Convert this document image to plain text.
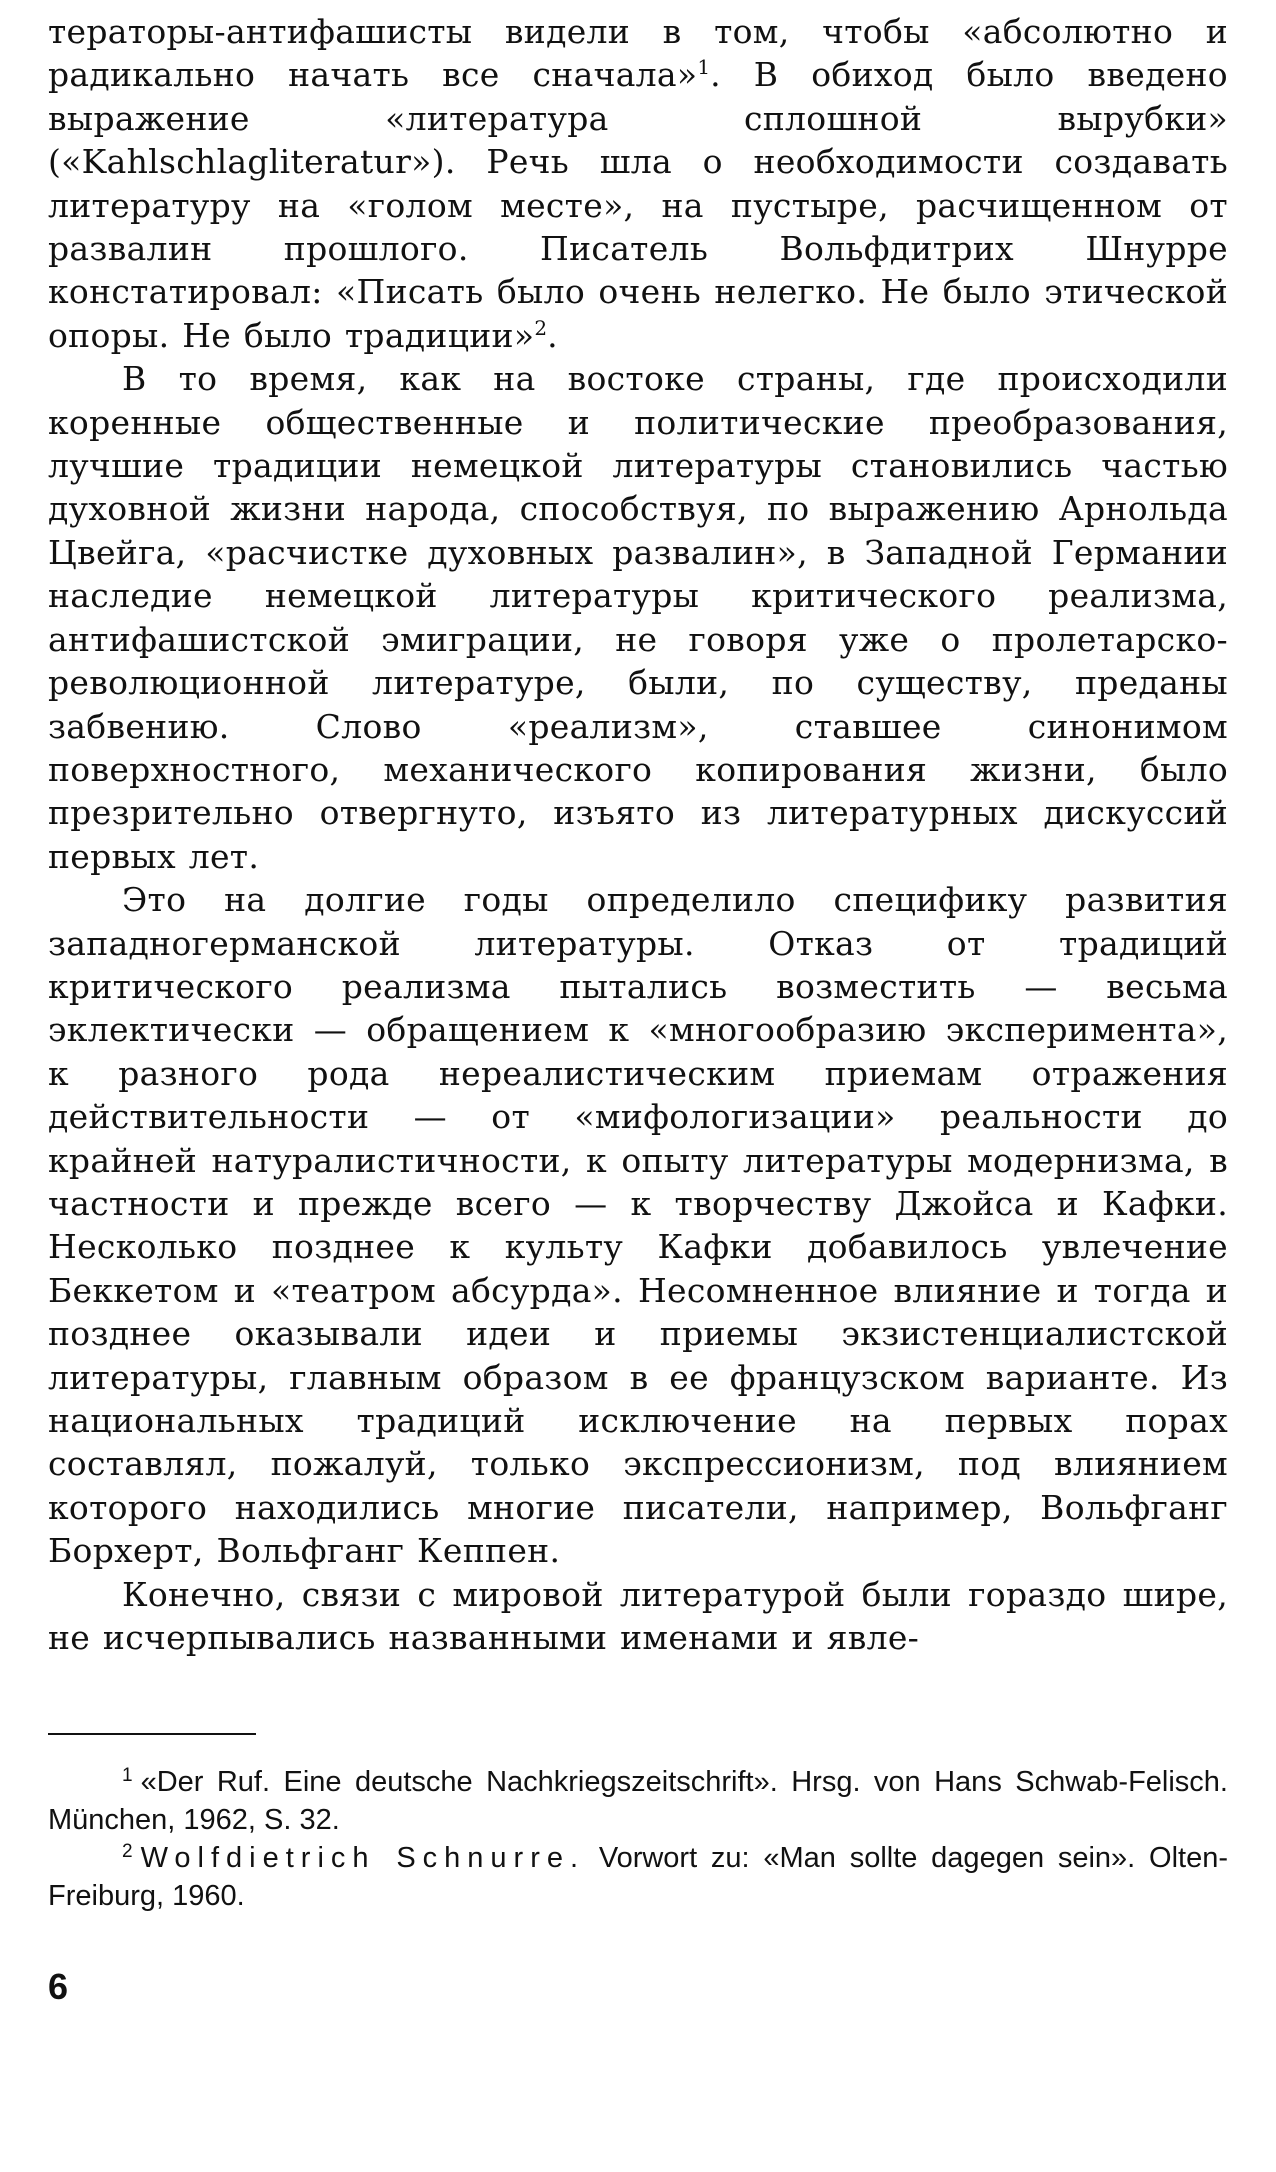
тераторы-антифашисты видели в том, чтобы «абсолютно и радикально начать все сначала»$^1$. В обиход было введено выражение «литература сплошной вырубки» («Kahlschlagliteratur»). Речь шла о необходимости создавать литературу на «голом месте», на пустыре, расчищенном от развалин прошлого. Писатель Вольфдитрих Шнурре констатировал: «Писать было очень нелегко. Не было этической опоры. Не было традиции»$^2$.

В то время, как на востоке страны, где происходили коренные общественные и политические преобразования, лучшие традиции немецкой литературы становились частью духовной жизни народа, способствуя, по выражению Арнольда Цвейга, «расчистке духовных развалин», в Западной Германии наследие немецкой литературы критического реализма, антифашистской эмиграции, не говоря уже о пролетарско-революционной литературе, были, по существу, преданы забвению. Слово «реализм», ставшее синонимом поверхностного, механического копирования жизни, было презрительно отвергнуто, изъято из литературных дискуссий первых лет.

Это на долгие годы определило специфику развития западногерманской литературы. Отказ от традиций критического реализма пытались возместить — весьма эклектически — обращением к «многообразию эксперимента», к разного рода нереалистическим приемам отражения действительности — от «мифологизации» реальности до крайней натуралистичности, к опыту литературы модернизма, в частности и прежде всего — к творчеству Джойса и Кафки. Несколько позднее к культу Кафки добавилось увлечение Беккетом и «театром абсурда». Несомненное влияние и тогда и позднее оказывали идеи и приемы экзистенциалистской литературы, главным образом в ее французском варианте. Из национальных традиций исключение на первых порах составлял, пожалуй, только экспрессионизм, под влиянием которого находились многие писатели, например, Вольфганг Борхерт, Вольфганг Кеппен.

Конечно, связи с мировой литературой были гораздо шире, не исчерпывались названными именами и явле-

$^1$ «Der Ruf. Eine deutsche Nachkriegszeitschrift». Hrsg. von Hans Schwab-Felisch. München, 1962, S. 32.

$^2$ Wolfdietrich Schnurre. Vorwort zu: «Man sollte dagegen sein». Olten-Freiburg, 1960.

6
